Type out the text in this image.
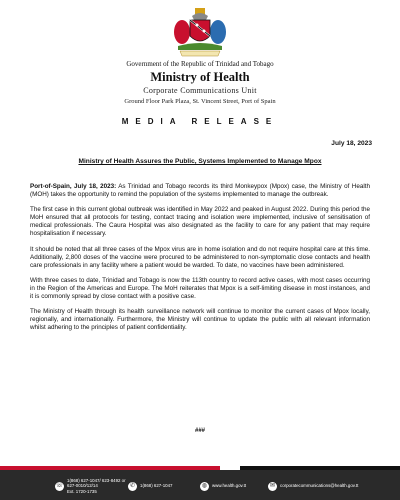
Government of the Republic of Trinidad and Tobago
Ministry of Health
Corporate Communications Unit
Ground Floor Park Plaza, St. Vincent Street, Port of Spain
MEDIA RELEASE
July 18, 2023
Ministry of Health Assures the Public, Systems Implemented to Manage Mpox

Port-of-Spain, July 18, 2023: As Trinidad and Tobago records its third Monkeypox (Mpox) case, the Ministry of Health (MOH) takes the opportunity to remind the population of the systems implemented to manage the outbreak.

The first case in this current global outbreak was identified in May 2022 and peaked in August 2022. During this period the MoH ensured that all protocols for testing, contact tracing and isolation were implemented, inclusive of sensitisation of medical professionals. The Caura Hospital was also designated as the facility to care for any patient that may require hospitalisation if necessary.

It should be noted that all three cases of the Mpox virus are in home isolation and do not require hospital care at this time. Additionally, 2,800 doses of the vaccine were procured to be administered to non-symptomatic close contacts and health care professionals in any facility where a patient would be warded. To date, no vaccines have been administered.

With three cases to date, Trinidad and Tobago is now the 113th country to record active cases, with most cases occurring in the Region of the Americas and Europe. The MoH reiterates that Mpox is a self-limiting disease in most instances, and it is commonly spread by close contact with a positive case.

The Ministry of Health through its health surveillance network will continue to monitor the current cases of Mpox locally, regionally, and internationally. Furthermore, the Ministry will continue to update the public with all relevant information whilst adhering to the principles of patient confidentiality.

###
☏
1(868) 627-1047/ 623-8492 or
627-0010/12/14
Ext. 1720-1735
✆	1(868) 627-1047	◍	www.health.gov.tt	✉	corporatecommunications@health.gov.tt
